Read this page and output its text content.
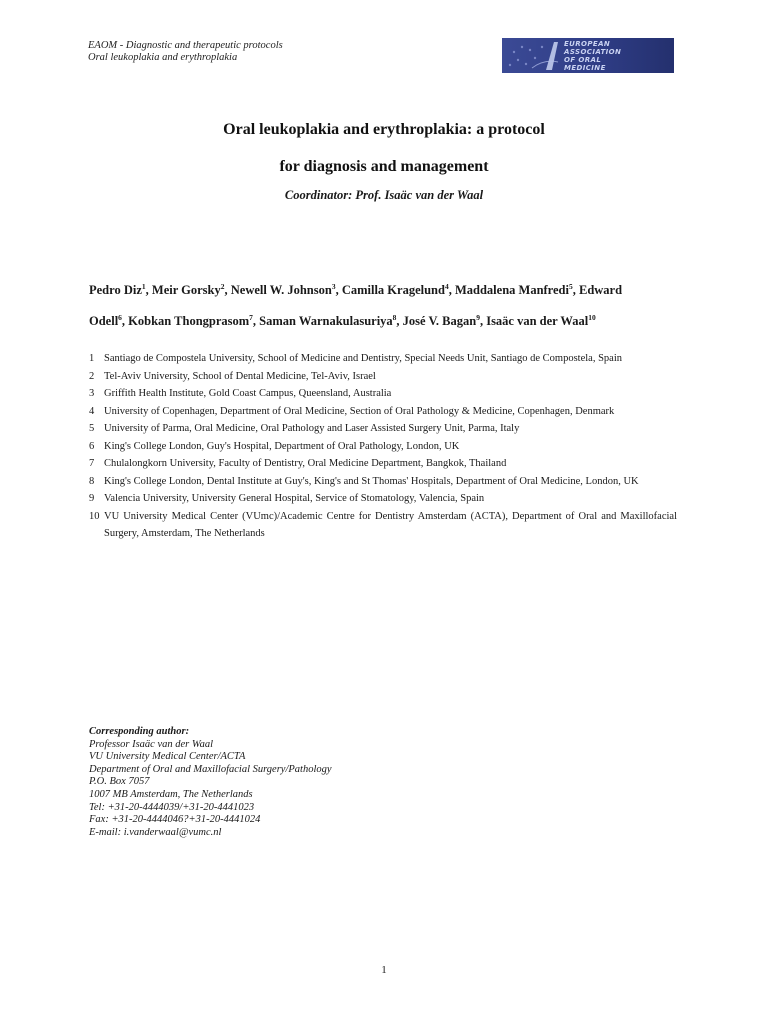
EAOM - Diagnostic and therapeutic protocols
Oral leukoplakia and erythroplakia
EUROPEAN
ASSOCIATION
OF ORAL
MEDICINE
Oral leukoplakia and erythroplakia: a protocol
for diagnosis and management
Coordinator: Prof. Isaäc van der Waal
Pedro Diz$^1$, Meir Gorsky$^2$, Newell W. Johnson$^3$, Camilla Kragelund$^4$, Maddalena Manfredi$^5$, Edward
Odell$^6$, Kobkan Thongprasom$^7$, Saman Warnakulasuriya$^8$, José V. Bagan$^9$, Isaäc van der Waal$^{10}$
1 Santiago de Compostela University, School of Medicine and Dentistry, Special Needs Unit, Santiago de Compostela, Spain
2 Tel-Aviv University, School of Dental Medicine, Tel-Aviv, Israel
3 Griffith Health Institute, Gold Coast Campus, Queensland, Australia
4 University of Copenhagen, Department of Oral Medicine, Section of Oral Pathology & Medicine, Copenhagen, Denmark
5 University of Parma, Oral Medicine, Oral Pathology and Laser Assisted Surgery Unit, Parma, Italy
6 King's College London, Guy's Hospital, Department of Oral Pathology, London, UK
7 Chulalongkorn University, Faculty of Dentistry, Oral Medicine Department, Bangkok, Thailand
8 King's College London, Dental Institute at Guy's, King's and St Thomas' Hospitals, Department of Oral Medicine, London, UK
9 Valencia University, University General Hospital, Service of Stomatology, Valencia, Spain
10 VU University Medical Center (VUmc)/Academic Centre for Dentistry Amsterdam (ACTA), Department of Oral and Maxillofacial Surgery, Amsterdam, The Netherlands
Corresponding author:
Professor Isaäc van der Waal
VU University Medical Center/ACTA
Department of Oral and Maxillofacial Surgery/Pathology
P.O. Box 7057
1007 MB Amsterdam, The Netherlands
Tel: +31-20-4444039/+31-20-4441023
Fax: +31-20-4444046?+31-20-4441024
E-mail: i.vanderwaal@vumc.nl
1
